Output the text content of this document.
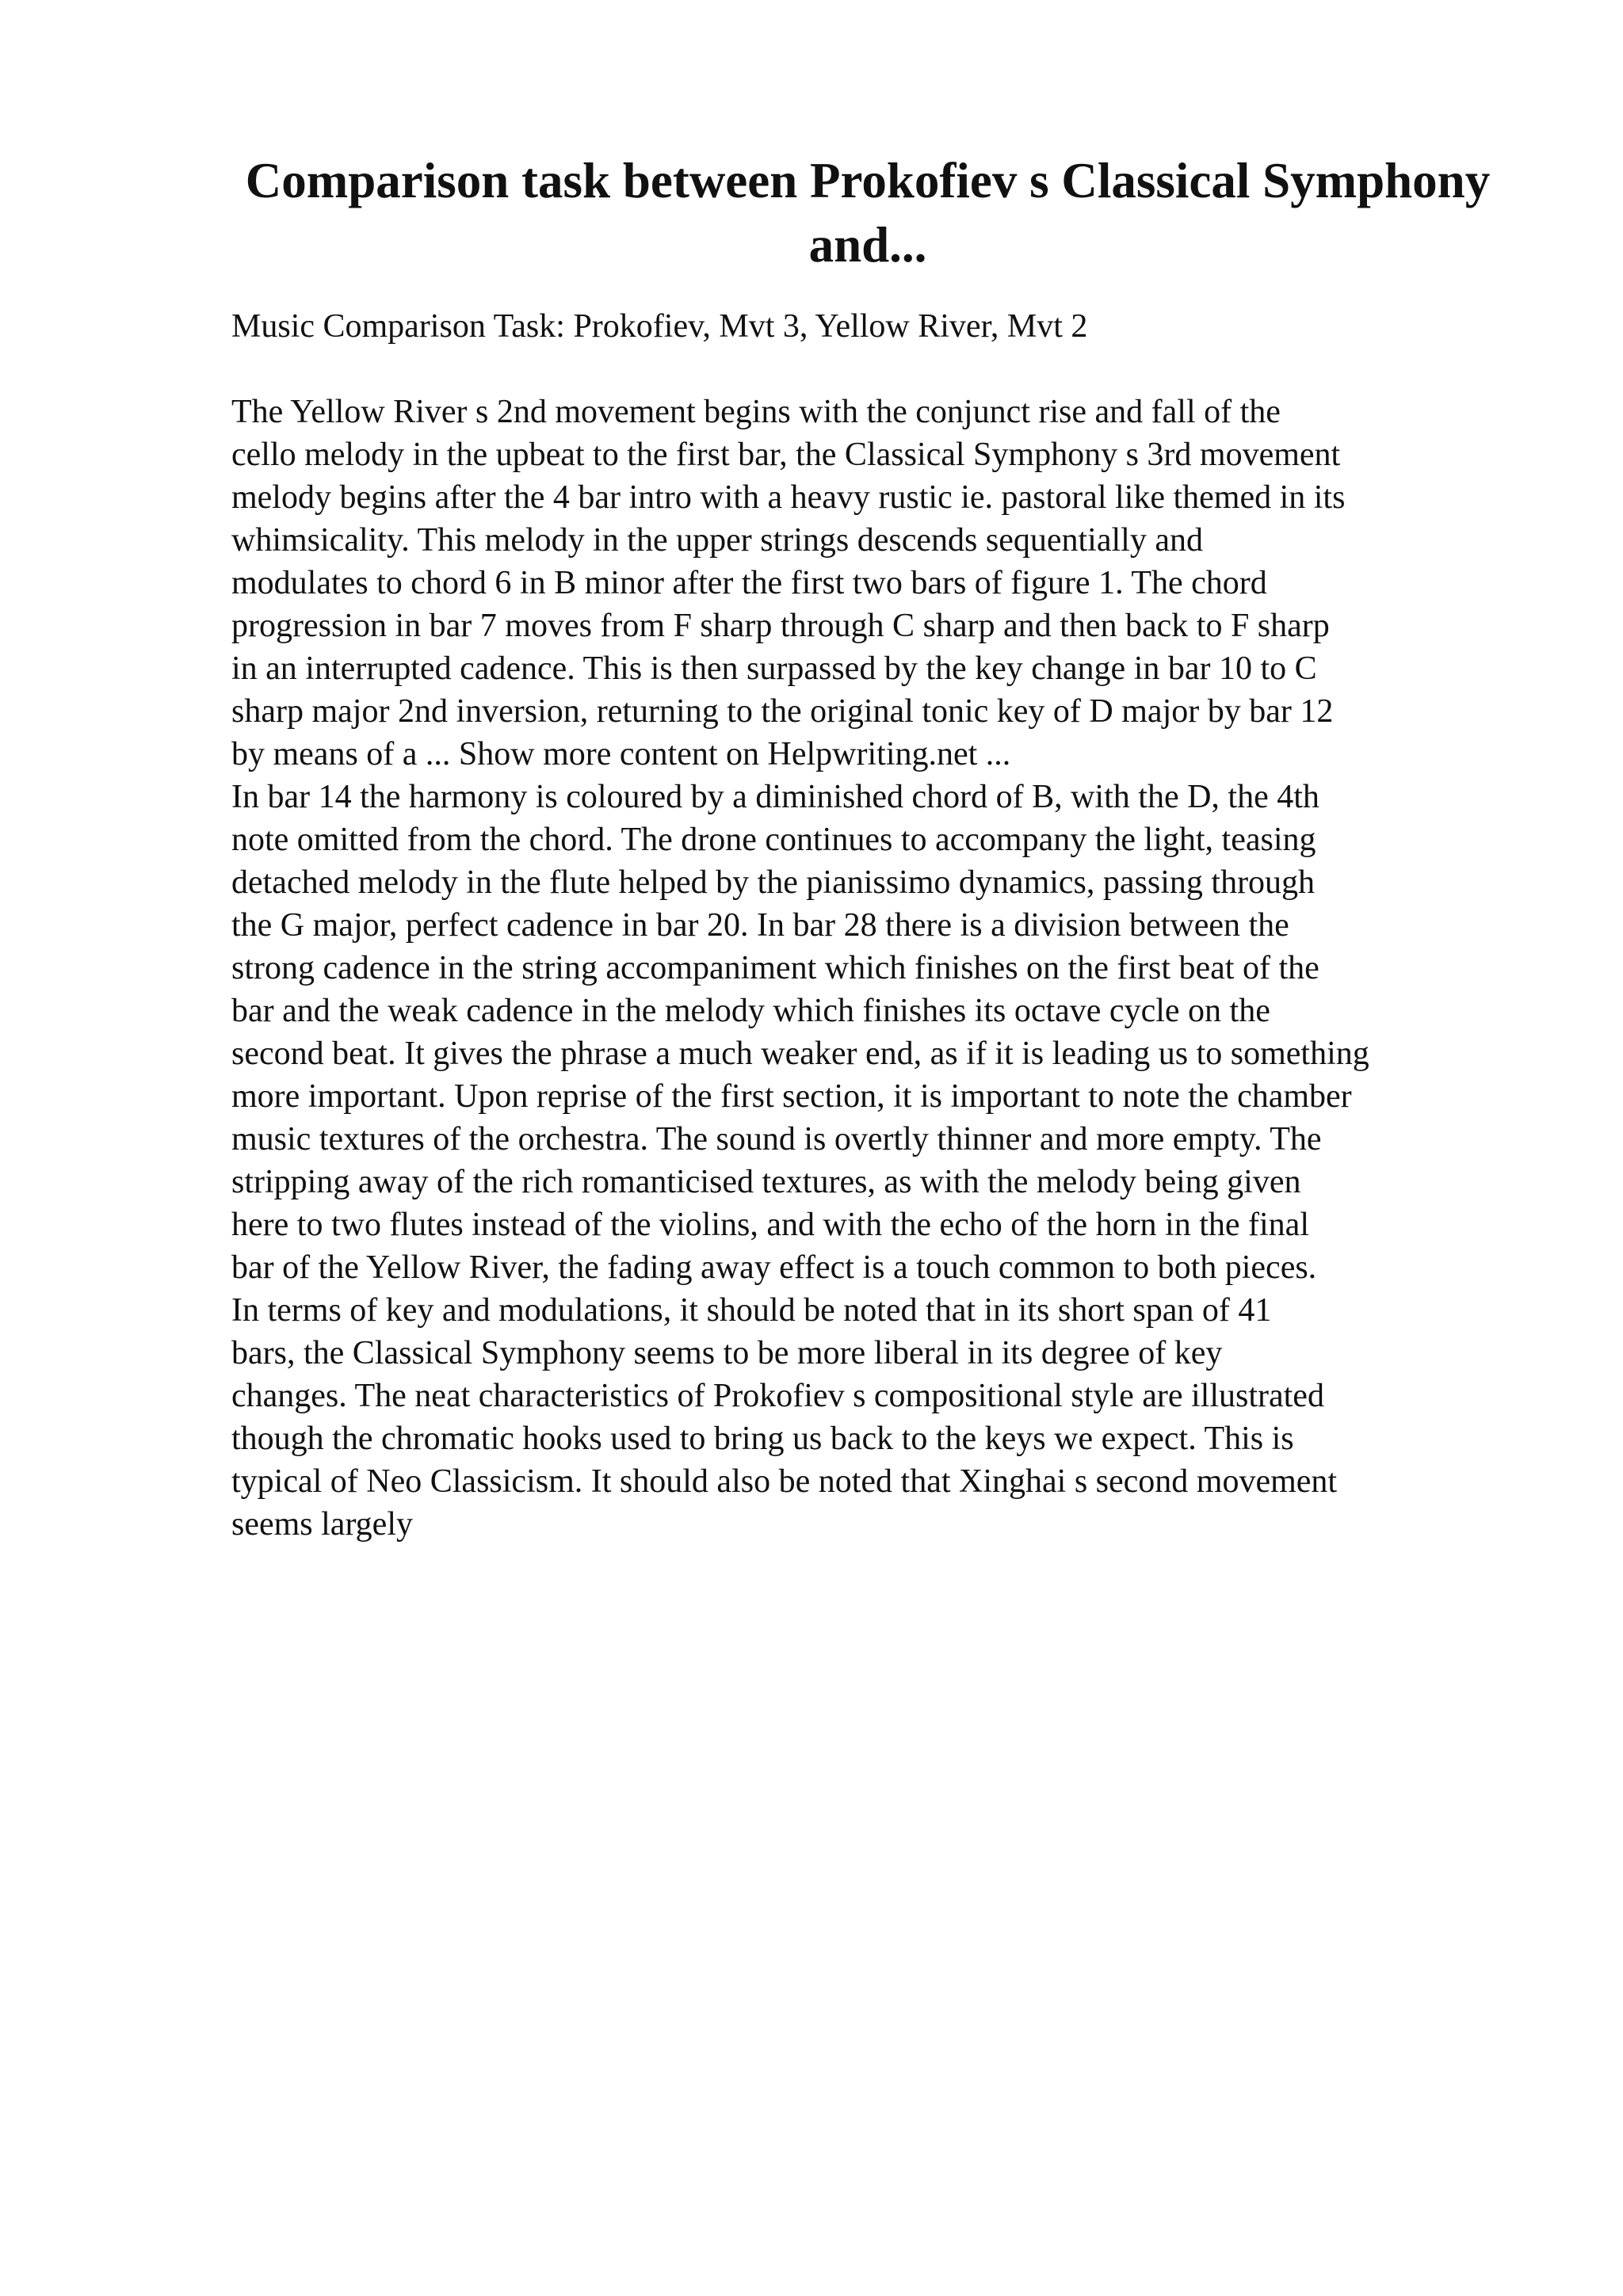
Comparison task between Prokofiev s Classical Symphony
and...

Music Comparison Task: Prokofiev, Mvt 3, Yellow River, Mvt 2

The Yellow River s 2nd movement begins with the conjunct rise and fall of the
cello melody in the upbeat to the first bar, the Classical Symphony s 3rd movement
melody begins after the 4 bar intro with a heavy rustic ie. pastoral like themed in its
whimsicality. This melody in the upper strings descends sequentially and
modulates to chord 6 in B minor after the first two bars of figure 1. The chord
progression in bar 7 moves from F sharp through C sharp and then back to F sharp
in an interrupted cadence. This is then surpassed by the key change in bar 10 to C
sharp major 2nd inversion, returning to the original tonic key of D major by bar 12
by means of a ... Show more content on Helpwriting.net ...
In bar 14 the harmony is coloured by a diminished chord of B, with the D, the 4th
note omitted from the chord. The drone continues to accompany the light, teasing
detached melody in the flute helped by the pianissimo dynamics, passing through
the G major, perfect cadence in bar 20. In bar 28 there is a division between the
strong cadence in the string accompaniment which finishes on the first beat of the
bar and the weak cadence in the melody which finishes its octave cycle on the
second beat. It gives the phrase a much weaker end, as if it is leading us to something
more important. Upon reprise of the first section, it is important to note the chamber
music textures of the orchestra. The sound is overtly thinner and more empty. The
stripping away of the rich romanticised textures, as with the melody being given
here to two flutes instead of the violins, and with the echo of the horn in the final
bar of the Yellow River, the fading away effect is a touch common to both pieces.
In terms of key and modulations, it should be noted that in its short span of 41
bars, the Classical Symphony seems to be more liberal in its degree of key
changes. The neat characteristics of Prokofiev s compositional style are illustrated
though the chromatic hooks used to bring us back to the keys we expect. This is
typical of Neo Classicism. It should also be noted that Xinghai s second movement
seems largely
